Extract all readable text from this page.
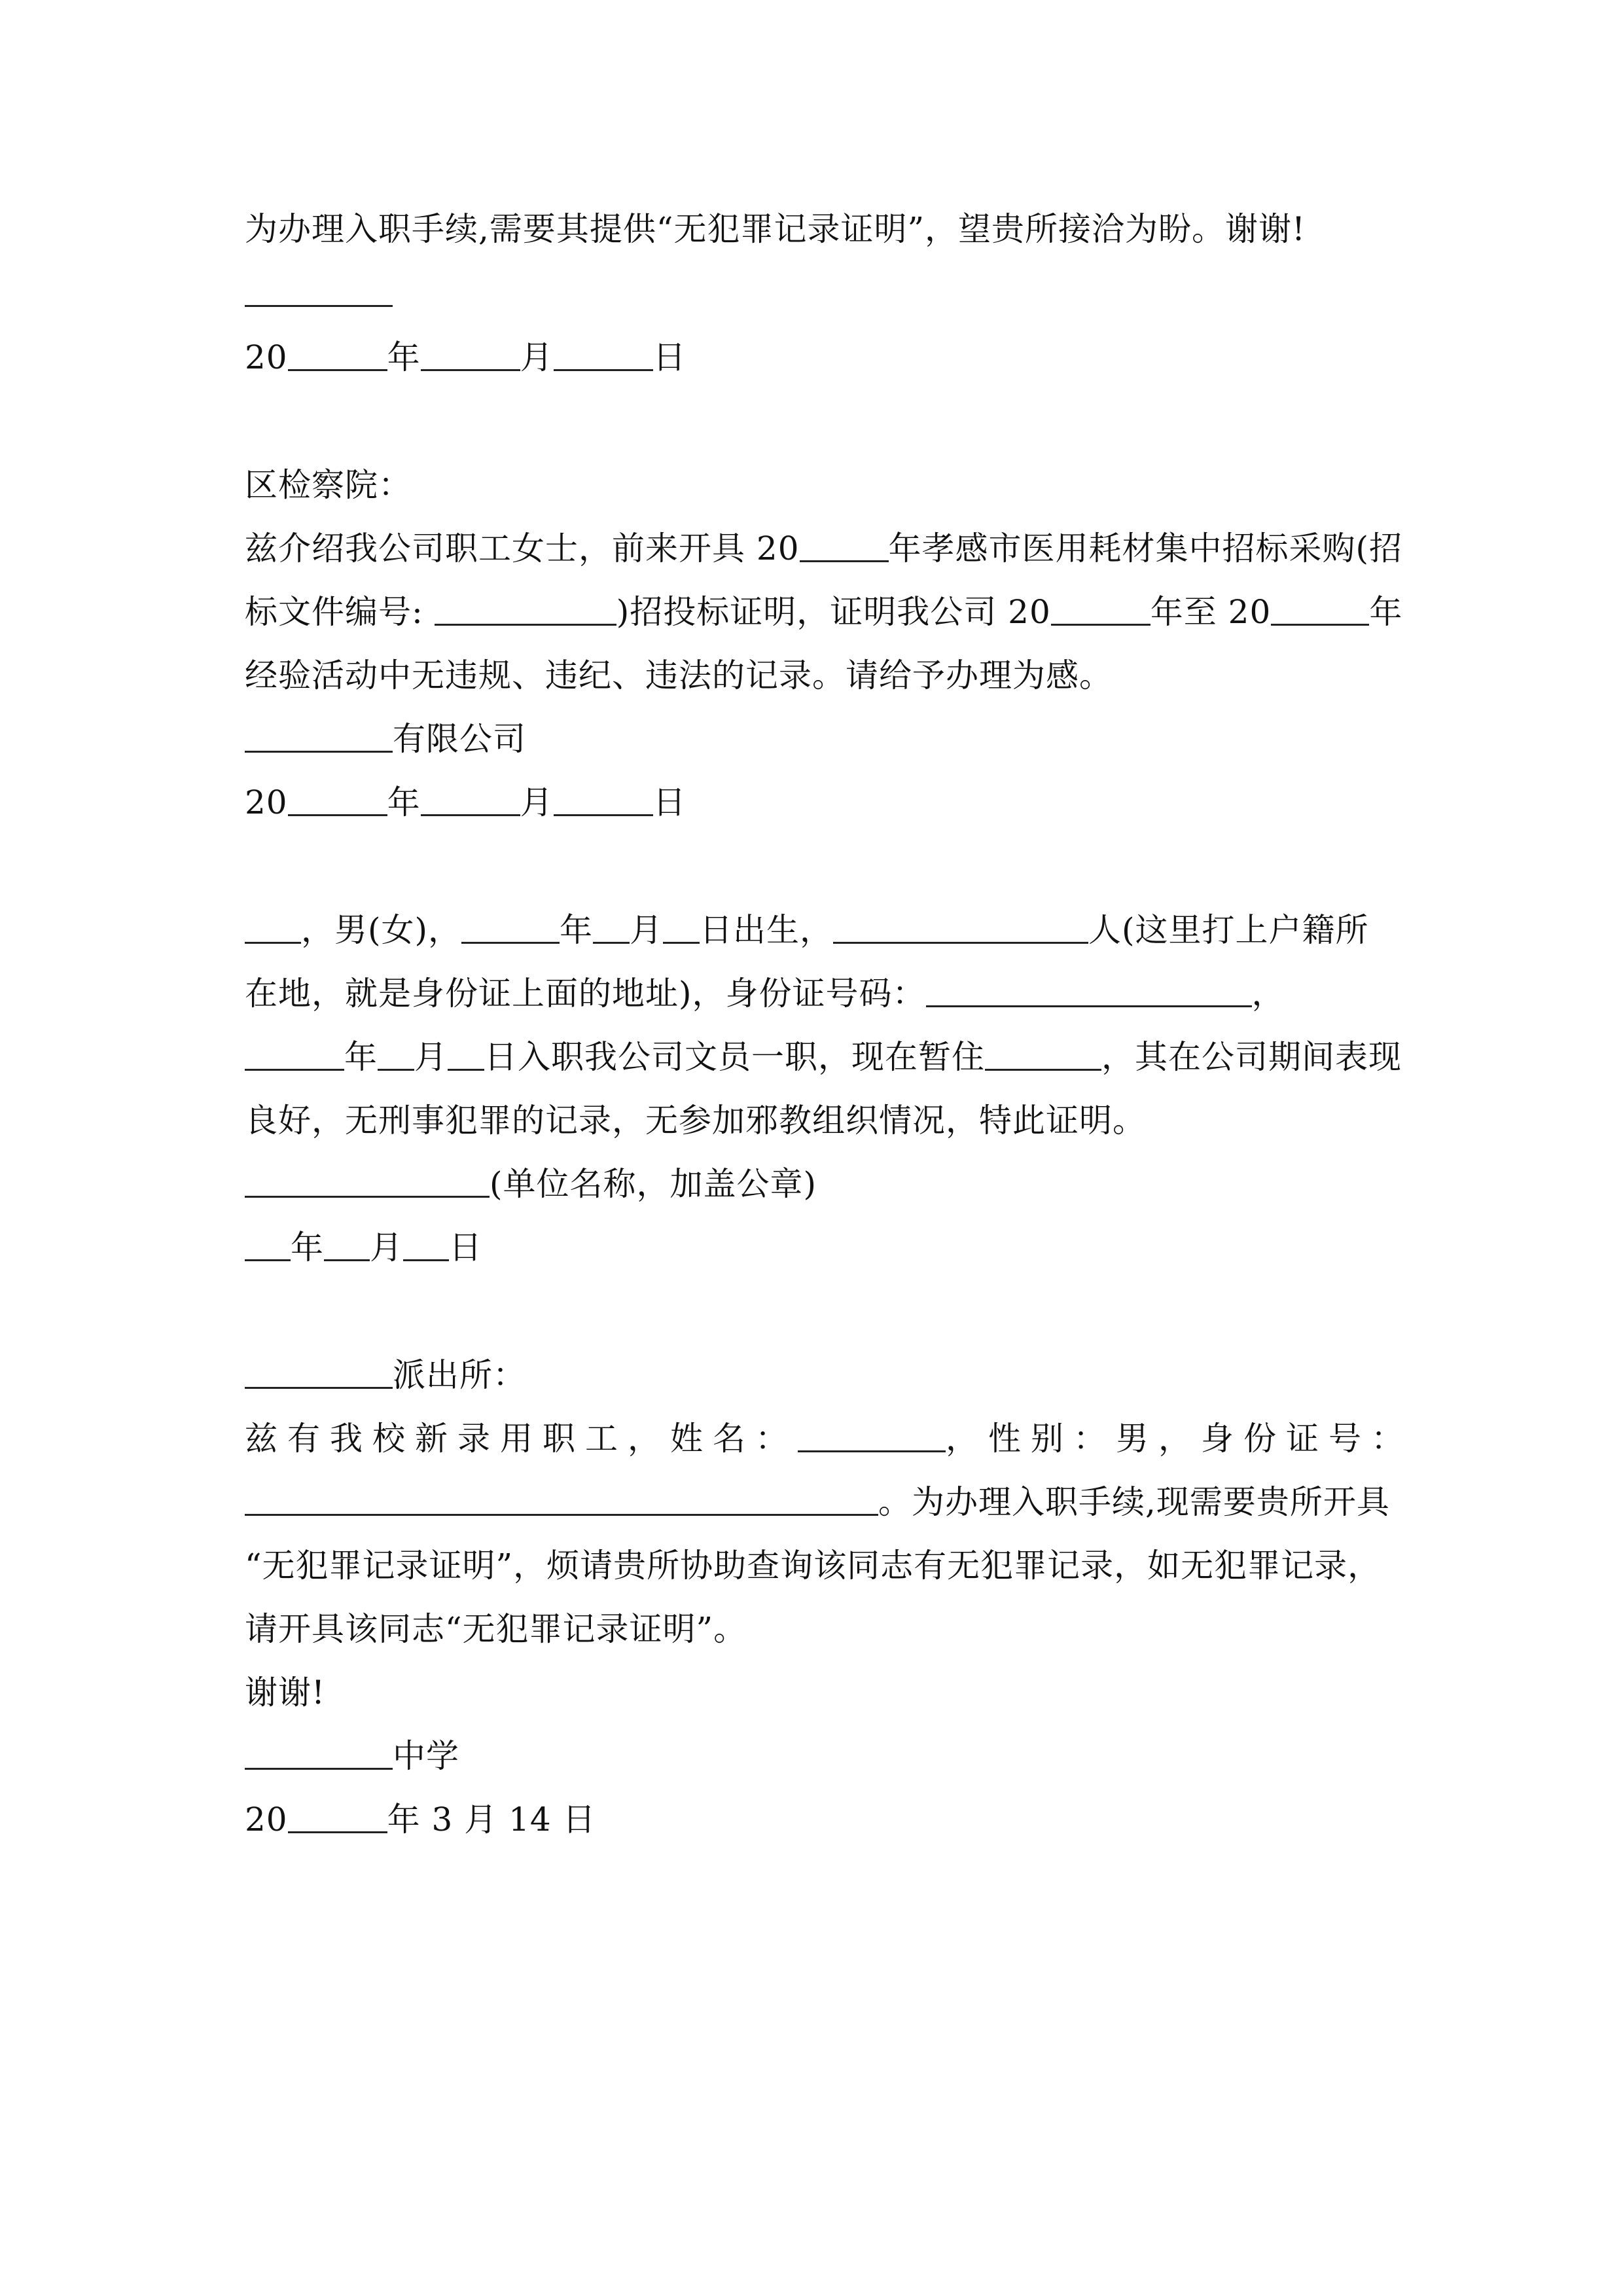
为办理入职手续,需要其提供“无犯罪记录证明”，望贵所接洽为盼。谢谢!
20	年	月	日
区检察院：
兹介绍我公司职工女士，前来开具 20	年孝感市医用耗材集中招标采购(招
标文件编号:	)招投标证明，证明我公司 20	年至 20	年
经验活动中无违规、违纪、违法的记录。请给予办理为感。
有限公司
20	年	月	日
，男(女)，	年 月 日出生，	人(这里打上户籍所
在地，就是身份证上面的地址)，身份证号码：	，
年 月 日入职我公司文员一职，现在暂住	，其在公司期间表现
良好，无刑事犯罪的记录，无参加邪教组织情况，特此证明。
(单位名称，加盖公章)
年 月 日
派出所：
兹有我校新录用职工，姓名：	，性别：男，身份证号：
。为办理入职手续,现需要贵所开具
“无犯罪记录证明”，烦请贵所协助查询该同志有无犯罪记录，如无犯罪记录，
请开具该同志“无犯罪记录证明”。
谢谢!
中学
20	年 3 月 14 日
